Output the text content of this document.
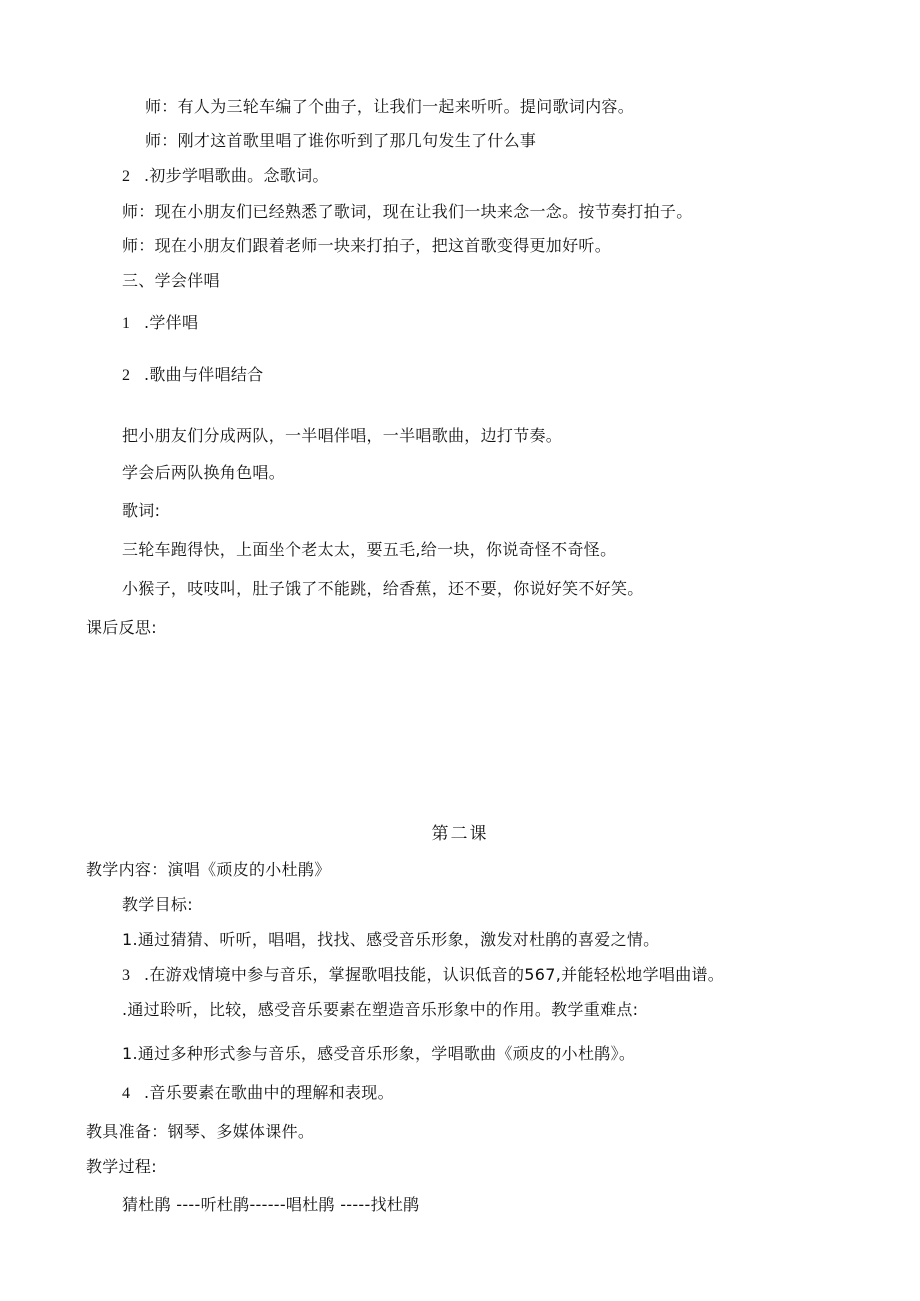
师：有人为三轮车编了个曲子，让我们一起来听听。提问歌词内容。
师：刚才这首歌里唱了谁你听到了那几句发生了什么事
2 .初步学唱歌曲。念歌词。
师：现在小朋友们已经熟悉了歌词，现在让我们一块来念一念。按节奏打拍子。
师：现在小朋友们跟着老师一块来打拍子，把这首歌变得更加好听。
三、学会伴唱
1 .学伴唱
2 .歌曲与伴唱结合
把小朋友们分成两队，一半唱伴唱，一半唱歌曲，边打节奏。
学会后两队换角色唱。
歌词:
三轮车跑得快，上面坐个老太太，要五毛,给一块，你说奇怪不奇怪。
小猴子，吱吱叫，肚子饿了不能跳，给香蕉，还不要，你说好笑不好笑。
课后反思:
第二课
教学内容：演唱《顽皮的小杜鹃》
教学目标:
1.通过猜猜、听听，唱唱，找找、感受音乐形象，激发对杜鹃的喜爱之情。
3 .在游戏情境中参与音乐，掌握歌唱技能，认识低音的567,并能轻松地学唱曲谱。
.通过聆听，比较，感受音乐要素在塑造音乐形象中的作用。教学重难点:
1.通过多种形式参与音乐，感受音乐形象，学唱歌曲《顽皮的小杜鹃》。
4 .音乐要素在歌曲中的理解和表现。
教具准备：钢琴、多媒体课件。
教学过程:
猜杜鹃 ----听杜鹃------唱杜鹃 -----找杜鹃
